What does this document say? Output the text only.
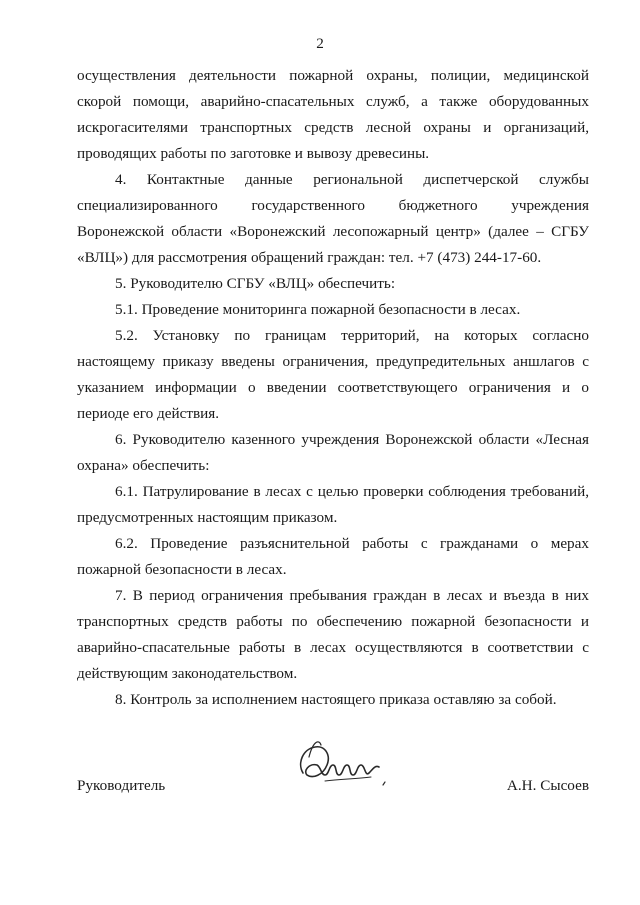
2

осуществления деятельности пожарной охраны, полиции, медицинской скорой помощи, аварийно-спасательных служб, а также оборудованных искрогасителями транспортных средств лесной охраны и организаций, проводящих работы по заготовке и вывозу древесины.

4. Контактные данные региональной диспетчерской службы специализированного государственного бюджетного учреждения Воронежской области «Воронежский лесопожарный центр» (далее – СГБУ «ВЛЦ») для рассмотрения обращений граждан: тел. +7 (473) 244-17-60.

5. Руководителю СГБУ «ВЛЦ» обеспечить:

5.1. Проведение мониторинга пожарной безопасности в лесах.

5.2. Установку по границам территорий, на которых согласно настоящему приказу введены ограничения, предупредительных аншлагов с указанием информации о введении соответствующего ограничения и о периоде его действия.

6. Руководителю казенного учреждения Воронежской области «Лесная охрана» обеспечить:

6.1. Патрулирование в лесах с целью проверки соблюдения требований, предусмотренных настоящим приказом.

6.2. Проведение разъяснительной работы с гражданами о мерах пожарной безопасности в лесах.

7. В период ограничения пребывания граждан в лесах и въезда в них транспортных средств работы по обеспечению пожарной безопасности и аварийно-спасательные работы в лесах осуществляются в соответствии с действующим законодательством.

8. Контроль за исполнением настоящего приказа оставляю за собой.

Руководитель	А.Н. Сысоев
